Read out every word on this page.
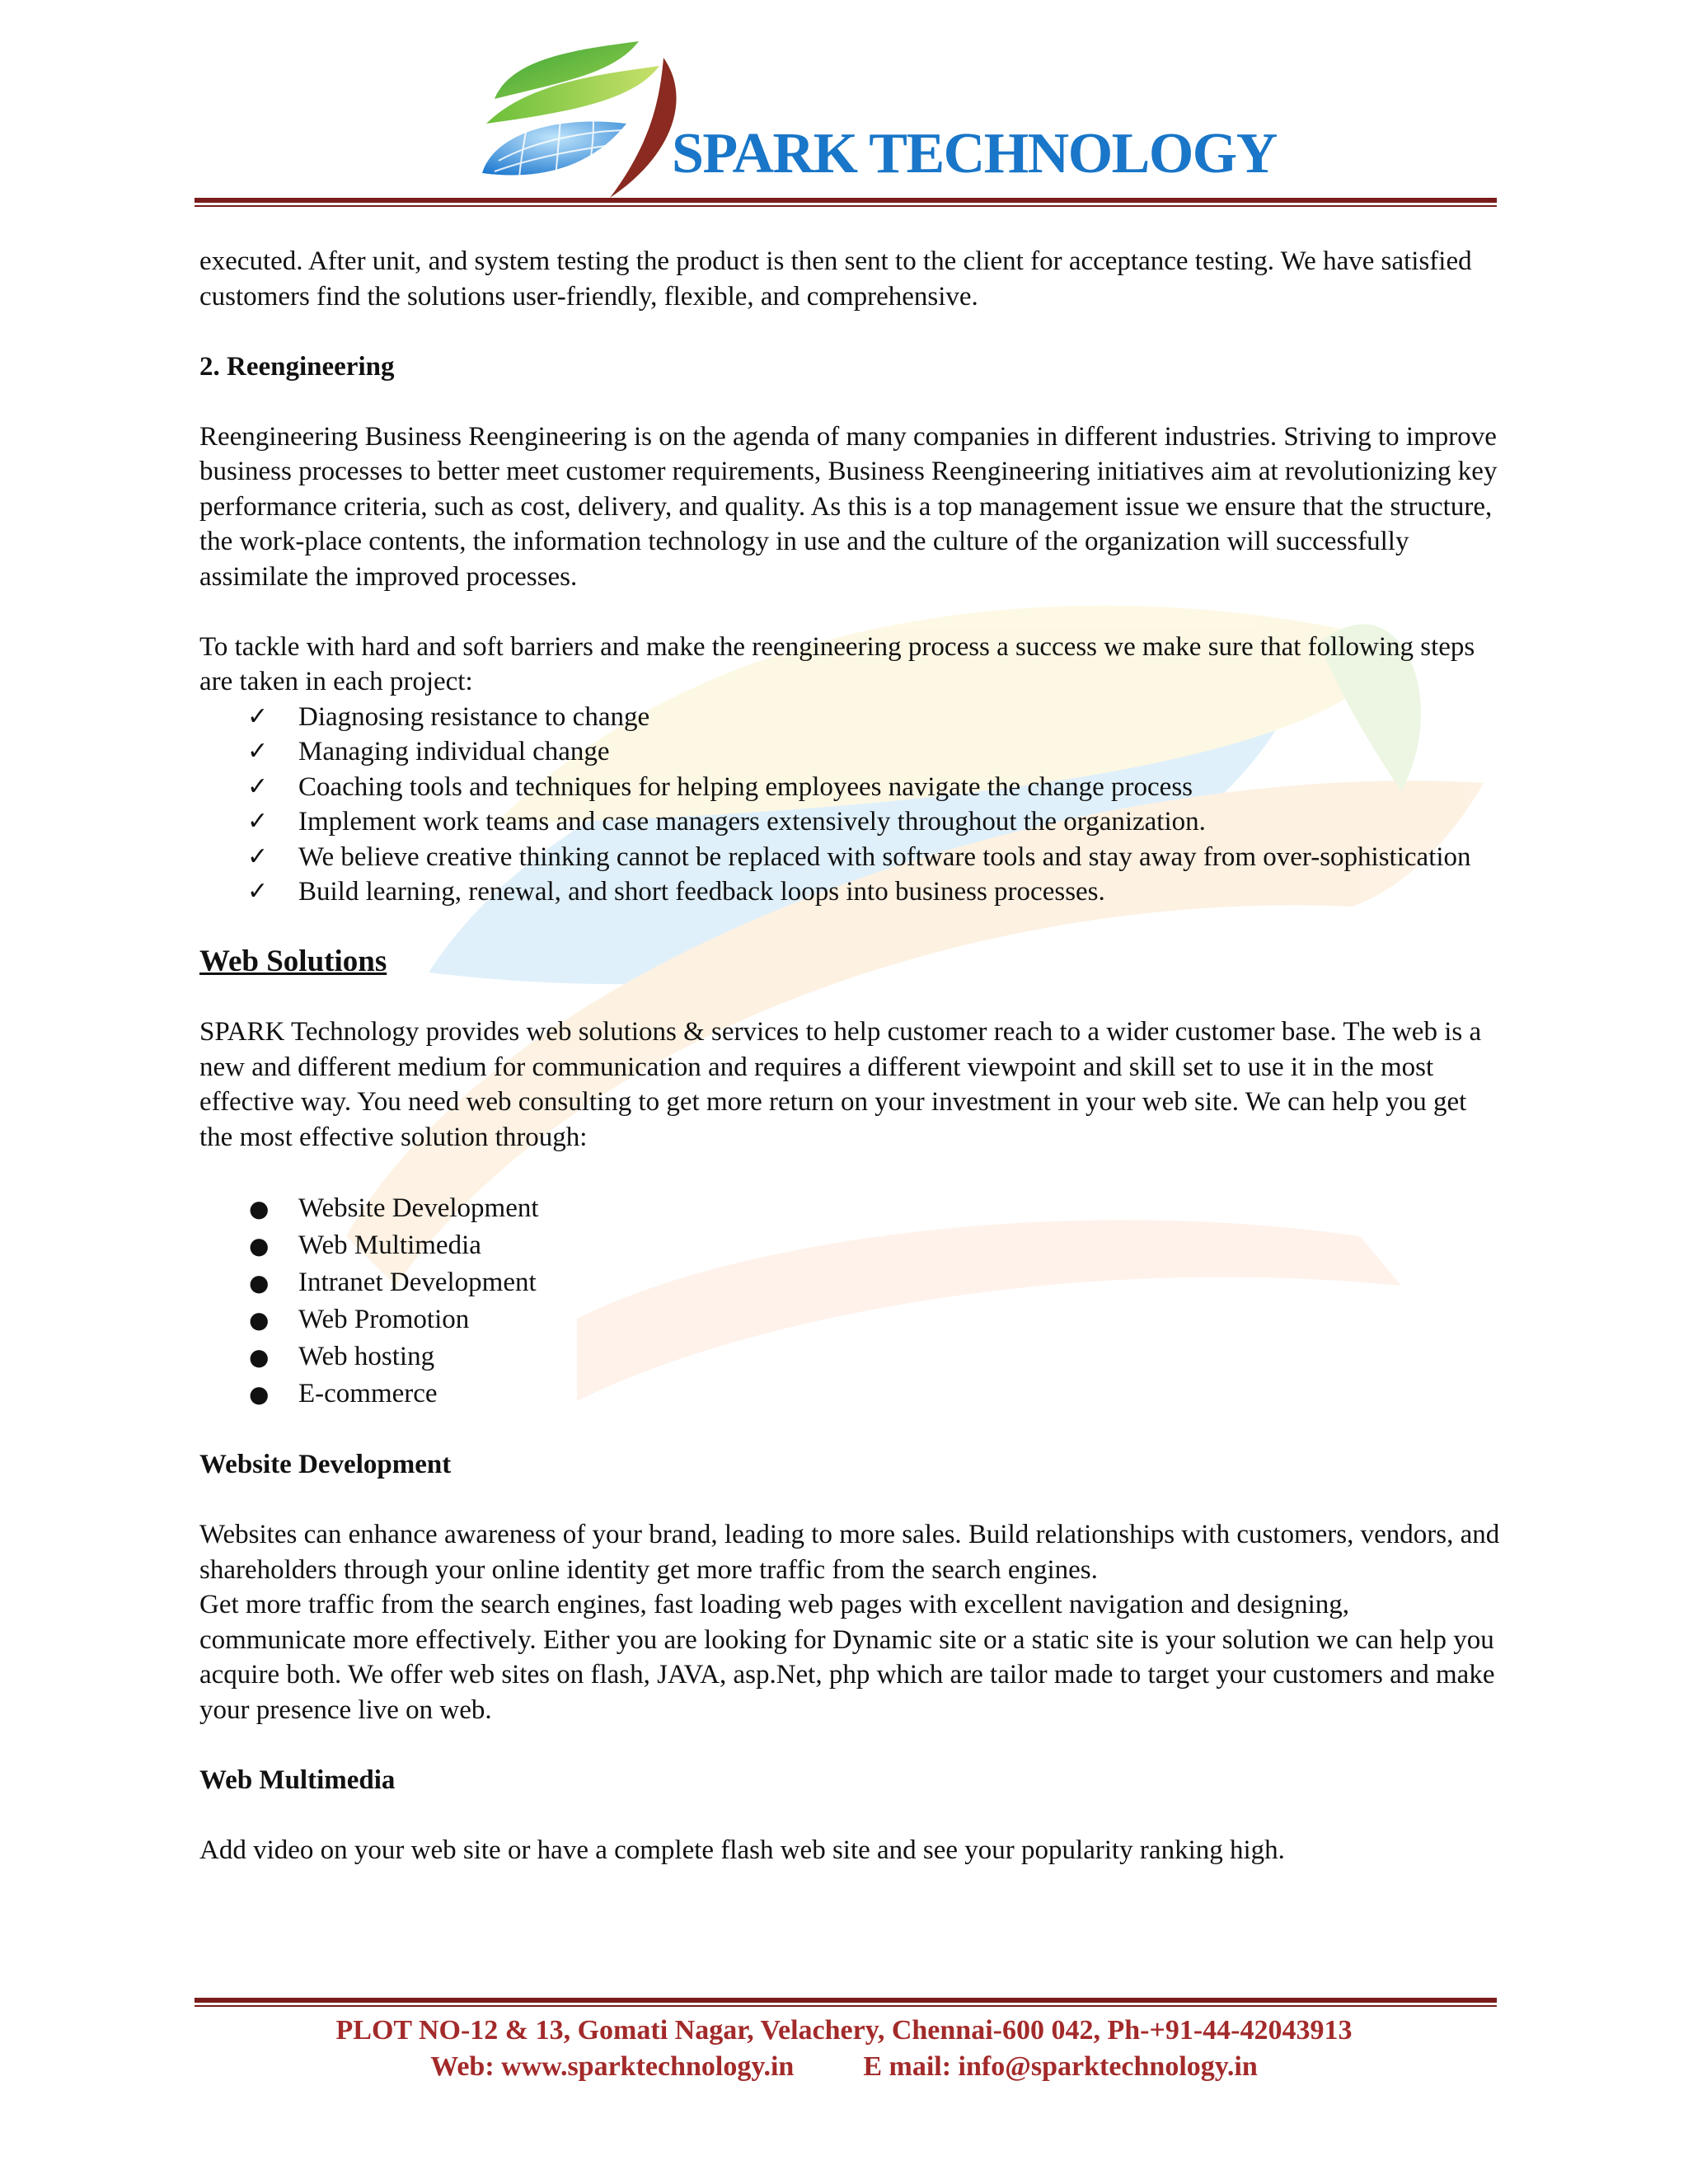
SPARK TECHNOLOGY

executed. After unit, and system testing the product is then sent to the client for acceptance testing. We have satisfied customers find the solutions user-friendly, flexible, and comprehensive.

2. Reengineering

Reengineering Business Reengineering is on the agenda of many companies in different industries. Striving to improve business processes to better meet customer requirements, Business Reengineering initiatives aim at revolutionizing key performance criteria, such as cost, delivery, and quality. As this is a top management issue we ensure that the structure, the work-place contents, the information technology in use and the culture of the organization will successfully assimilate the improved processes.

To tackle with hard and soft barriers and make the reengineering process a success we make sure that following steps are taken in each project:

✓ Diagnosing resistance to change
✓ Managing individual change
✓ Coaching tools and techniques for helping employees navigate the change process
✓ Implement work teams and case managers extensively throughout the organization.
✓ We believe creative thinking cannot be replaced with software tools and stay away from over-sophistication
✓ Build learning, renewal, and short feedback loops into business processes.

Web Solutions

SPARK Technology provides web solutions & services to help customer reach to a wider customer base. The web is a new and different medium for communication and requires a different viewpoint and skill set to use it in the most effective way. You need web consulting to get more return on your investment in your web site. We can help you get the most effective solution through:

● Website Development
● Web Multimedia
● Intranet Development
● Web Promotion
● Web hosting
● E-commerce

Website Development

Websites can enhance awareness of your brand, leading to more sales. Build relationships with customers, vendors, and shareholders through your online identity get more traffic from the search engines.

Get more traffic from the search engines, fast loading web pages with excellent navigation and designing, communicate more effectively. Either you are looking for Dynamic site or a static site is your solution we can help you acquire both. We offer web sites on flash, JAVA, asp.Net, php which are tailor made to target your customers and make your presence live on web.

Web Multimedia

Add video on your web site or have a complete flash web site and see your popularity ranking high.

PLOT NO-12 & 13, Gomati Nagar, Velachery, Chennai-600 042, Ph-+91-44-42043913
Web: www.sparktechnology.in E mail: info@sparktechnology.in
